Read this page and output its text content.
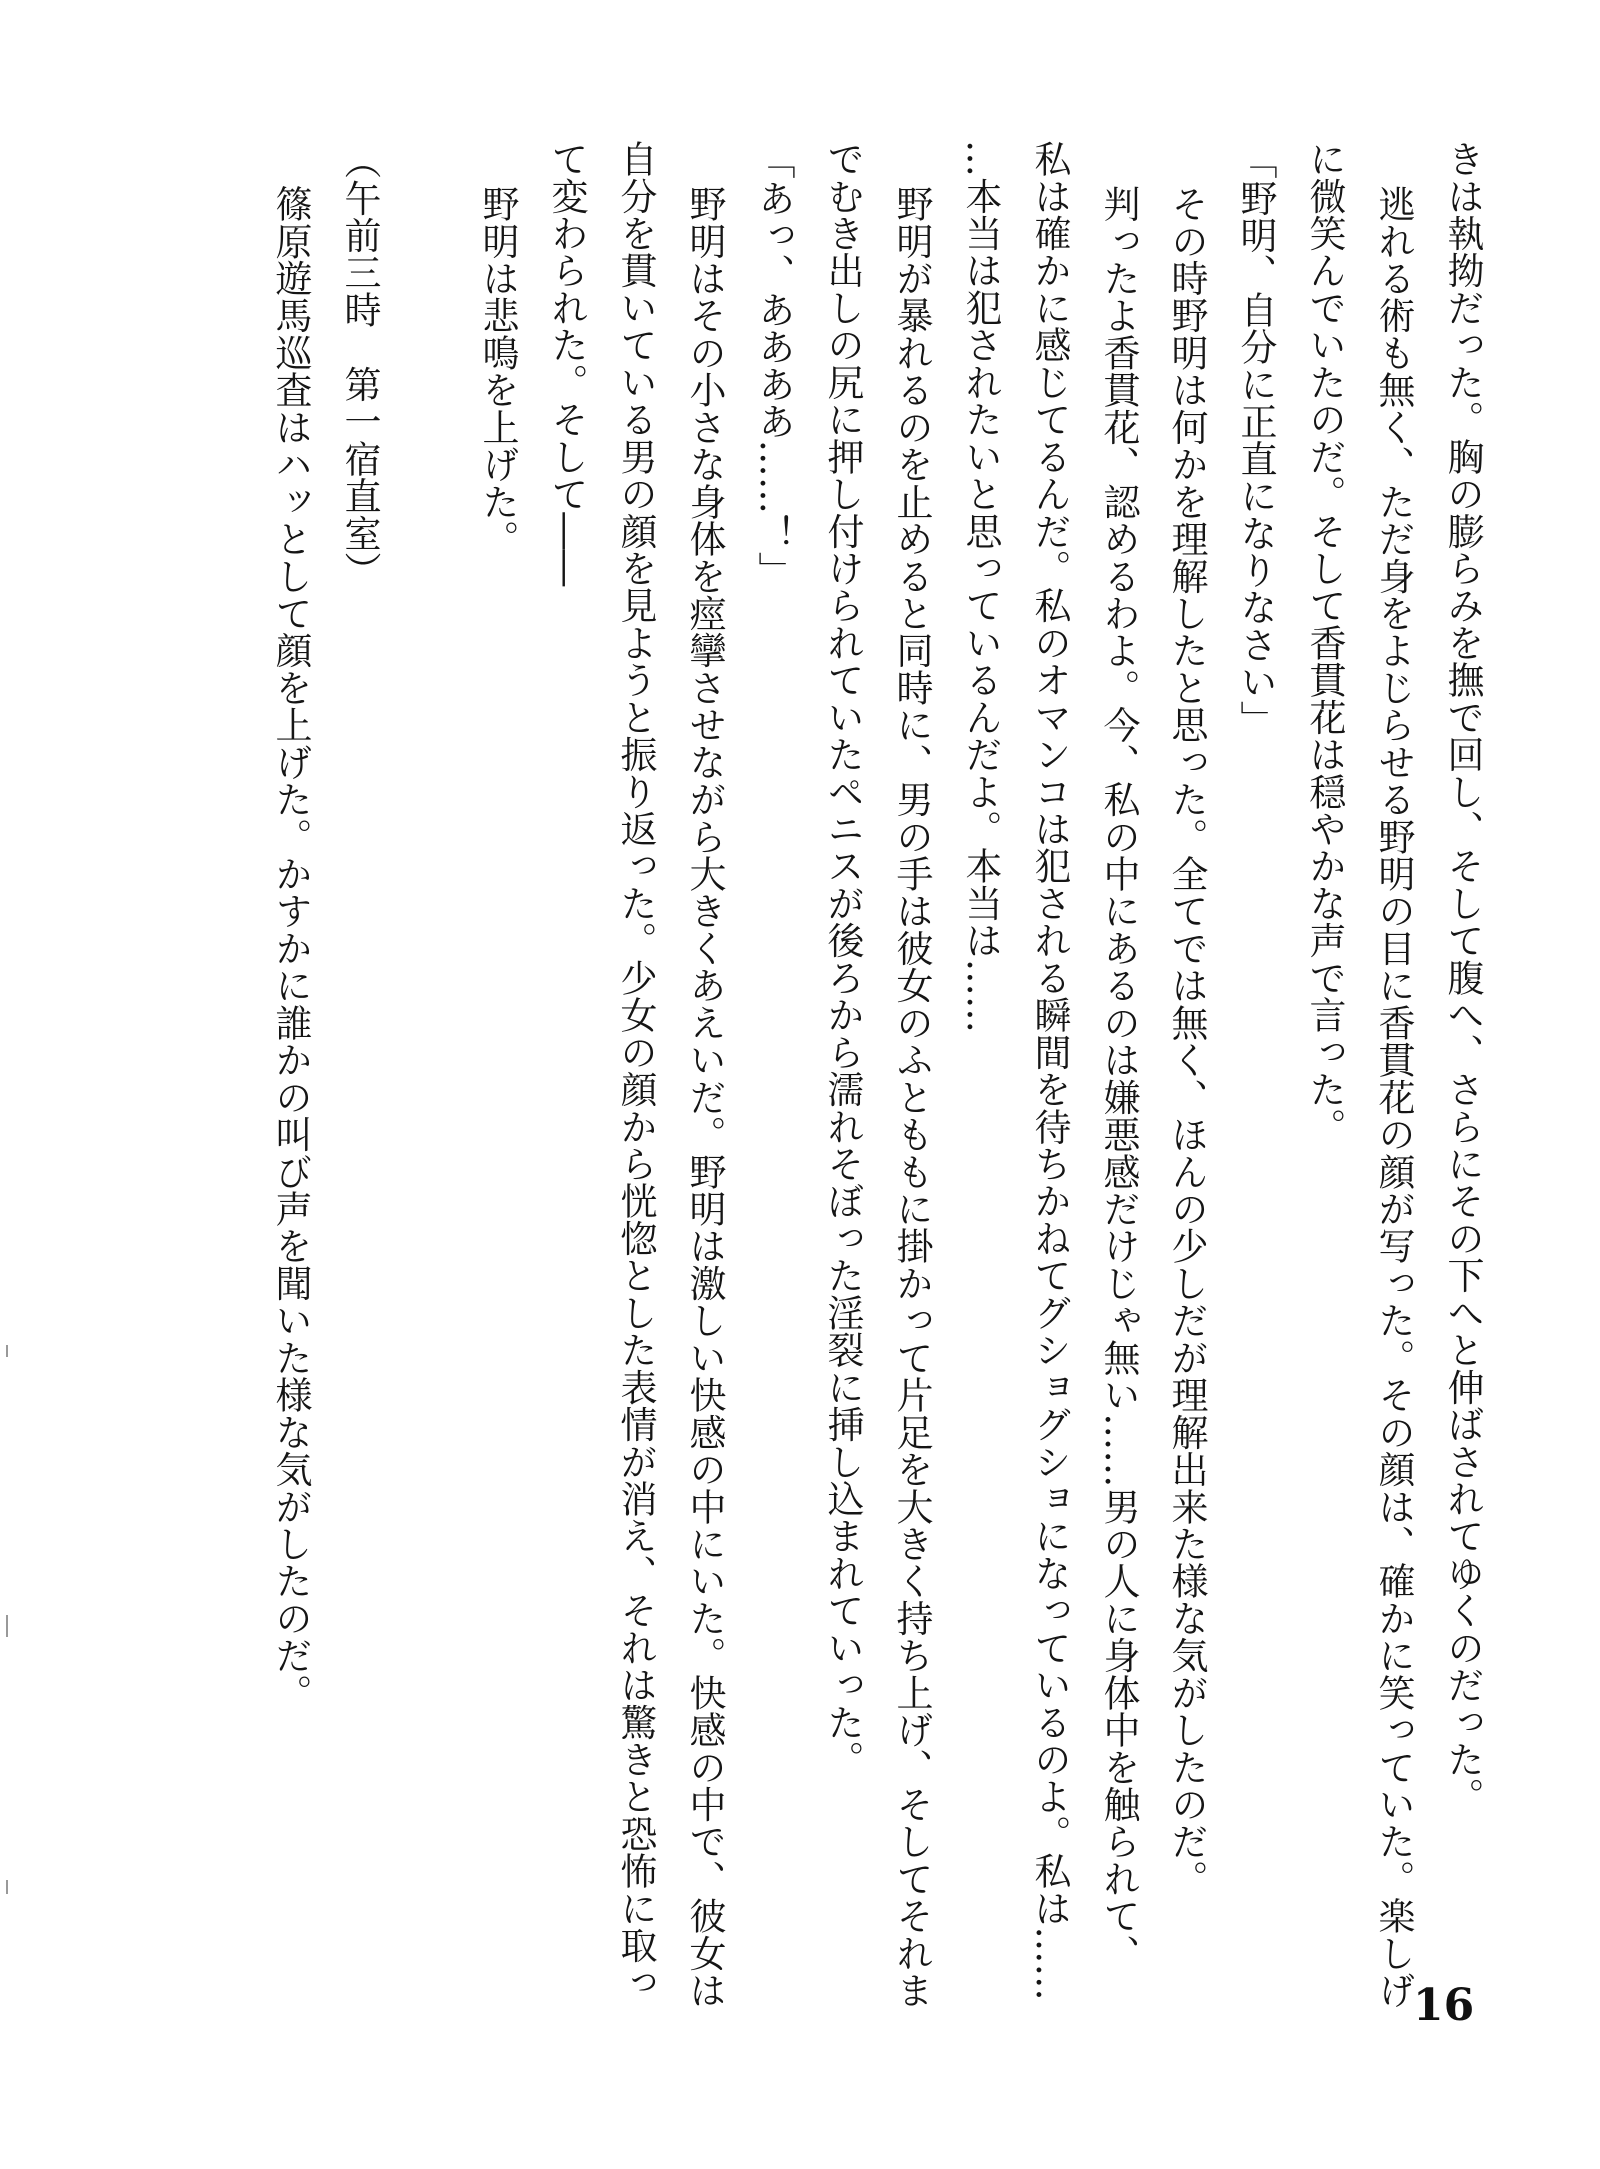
きは執拗だった。胸の膨らみを撫で回し、そして腹へ、さらにその下へと伸ばされてゆくのだった。
逃れる術も無く、ただ身をよじらせる野明の目に香貫花の顔が写った。その顔は、確かに笑っていた。楽しげ
に微笑んでいたのだ。そして香貫花は穏やかな声で言った。
「野明、自分に正直になりなさい」
その時野明は何かを理解したと思った。全てでは無く、ほんの少しだが理解出来た様な気がしたのだ。
判ったよ香貫花、認めるわよ。今、私の中にあるのは嫌悪感だけじゃ無い……男の人に身体中を触られて、
私は確かに感じてるんだ。私のオマンコは犯される瞬間を待ちかねてグショグショになっているのよ。私は……
…本当は犯されたいと思っているんだよ。本当は……
野明が暴れるのを止めると同時に、男の手は彼女のふとももに掛かって片足を大きく持ち上げ、そしてそれま
でむき出しの尻に押し付けられていたペニスが後ろから濡れそぼった淫裂に挿し込まれていった。
「あっ、ああああ……！」
野明はその小さな身体を痙攣させながら大きくあえいだ。野明は激しい快感の中にいた。快感の中で、彼女は
自分を貫いている男の顔を見ようと振り返った。少女の顔から恍惚とした表情が消え、それは驚きと恐怖に取っ
て変わられた。そして――
野明は悲鳴を上げた。
（午前三時　第一宿直室）
篠原遊馬巡査はハッとして顔を上げた。かすかに誰かの叫び声を聞いた様な気がしたのだ。
16
